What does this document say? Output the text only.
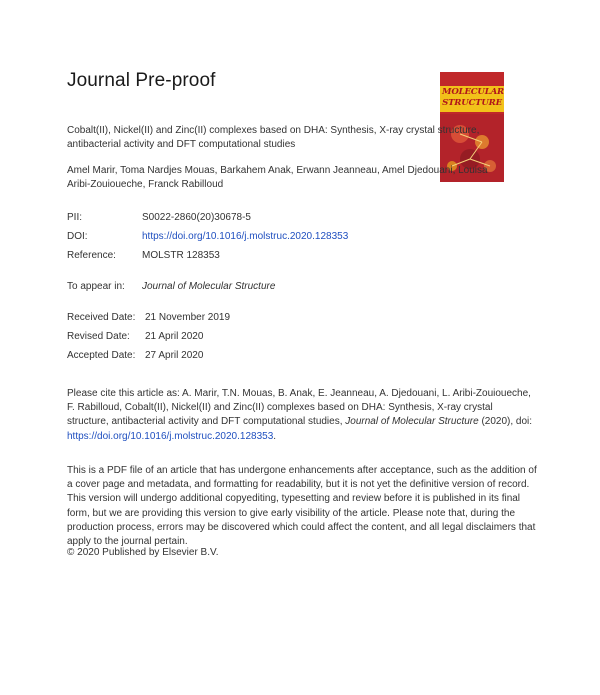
Journal Pre-proof
MOLECULAR
STRUCTURE
Cobalt(II), Nickel(II) and Zinc(II) complexes based on DHA: Synthesis, X-ray crystal structure, antibacterial activity and DFT computational studies
Amel Marir, Toma Nardjes Mouas, Barkahem Anak, Erwann Jeanneau, Amel Djedouani, Louisa Aribi-Zouioueche, Franck Rabilloud
PII:	S0022-2860(20)30678-5
DOI:	https://doi.org/10.1016/j.molstruc.2020.128353
Reference:	MOLSTR 128353
To appear in: Journal of Molecular Structure
Received Date: 21 November 2019
Revised Date: 21 April 2020
Accepted Date: 27 April 2020
Please cite this article as: A. Marir, T.N. Mouas, B. Anak, E. Jeanneau, A. Djedouani, L. Aribi-Zouioueche, F. Rabilloud, Cobalt(II), Nickel(II) and Zinc(II) complexes based on DHA: Synthesis, X-ray crystal structure, antibacterial activity and DFT computational studies, Journal of Molecular Structure (2020), doi: https://doi.org/10.1016/j.molstruc.2020.128353.
This is a PDF file of an article that has undergone enhancements after acceptance, such as the addition of a cover page and metadata, and formatting for readability, but it is not yet the definitive version of record. This version will undergo additional copyediting, typesetting and review before it is published in its final form, but we are providing this version to give early visibility of the article. Please note that, during the production process, errors may be discovered which could affect the content, and all legal disclaimers that apply to the journal pertain.
© 2020 Published by Elsevier B.V.
